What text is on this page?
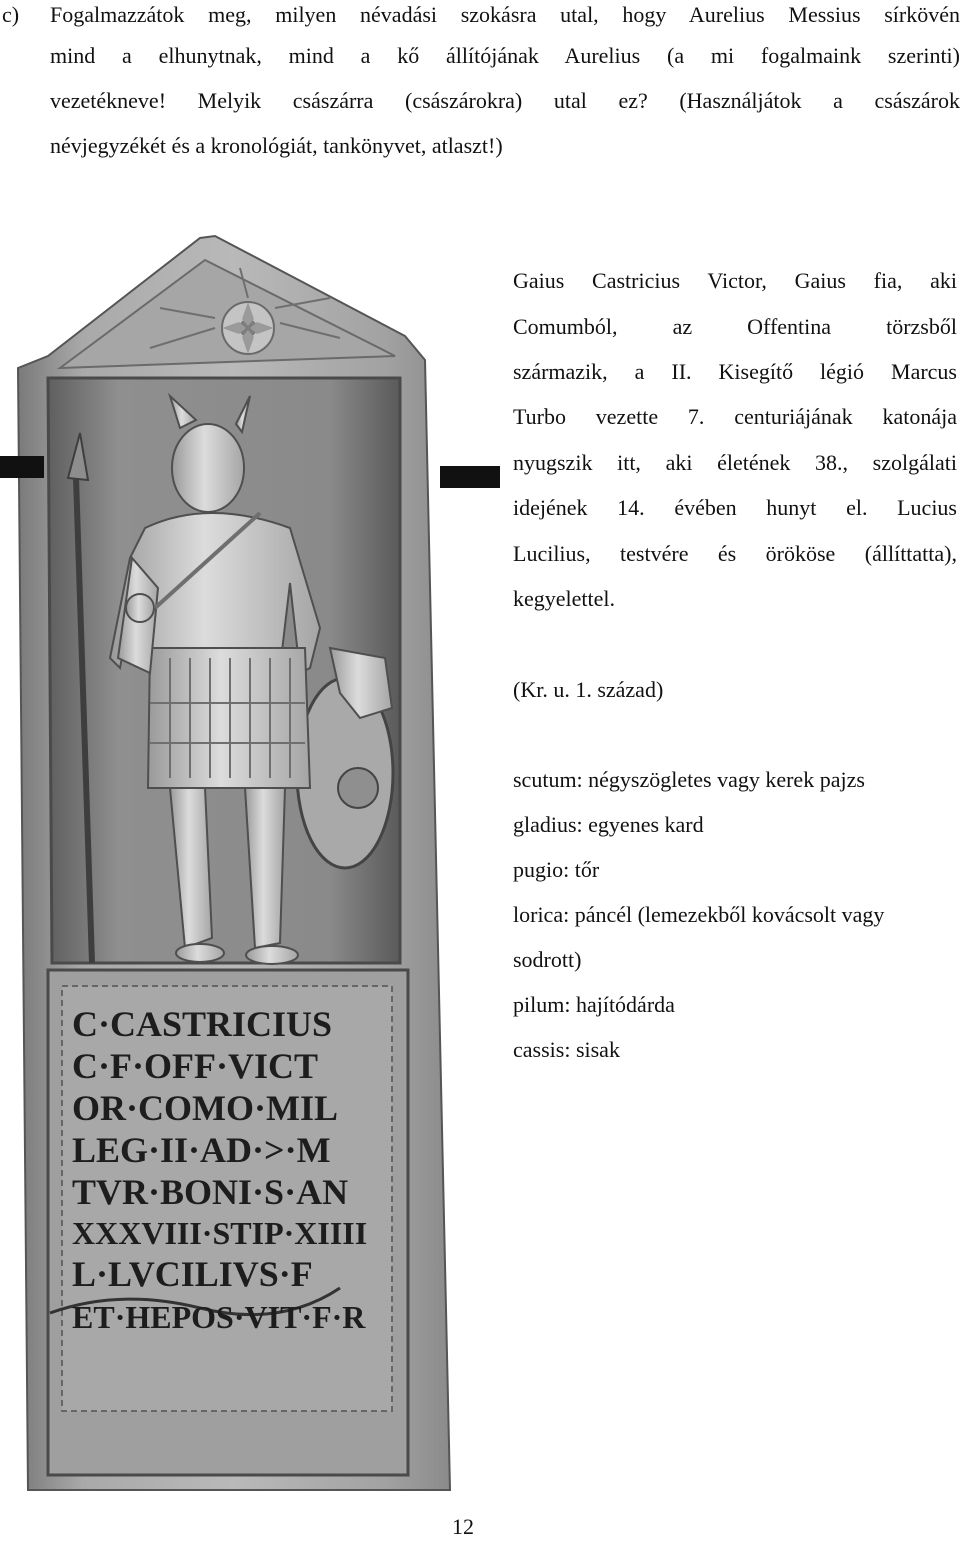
c) Fogalmazzátok meg, milyen névadási szokásra utal, hogy Aurelius Messius sírkövén
mind a elhunytnak, mind a kő állítójának Aurelius (a mi fogalmaink szerinti)
vezetékneve! Melyik császárra (császárokra) utal ez? (Használjátok a császárok
névjegyzékét és a kronológiát, tankönyvet, atlaszt!)
C·CASTRICIUS
C·F·OFF·VICT
OR·COMO·MIL
LEG·II·AD·>·M
TVR·BONI·S·AN
XXXVIII·STIP·XIIII
L·LVCILIVS·F
ET·HEPOS·VIT·F·R
Gaius Castricius Victor, Gaius fia, aki
Comumból, az Offentina törzsből
származik, a II. Kisegítő légió Marcus
Turbo vezette 7. centuriájának katonája
nyugszik itt, aki életének 38., szolgálati
idejének 14. évében hunyt el. Lucius
Lucilius, testvére és örököse (állíttatta),
kegyelettel.
(Kr. u. 1. század)
scutum: négyszögletes vagy kerek pajzs
gladius: egyenes kard
pugio: tőr
lorica: páncél (lemezekből kovácsolt vagy
sodrott)
pilum: hajítódárda
cassis: sisak
12
